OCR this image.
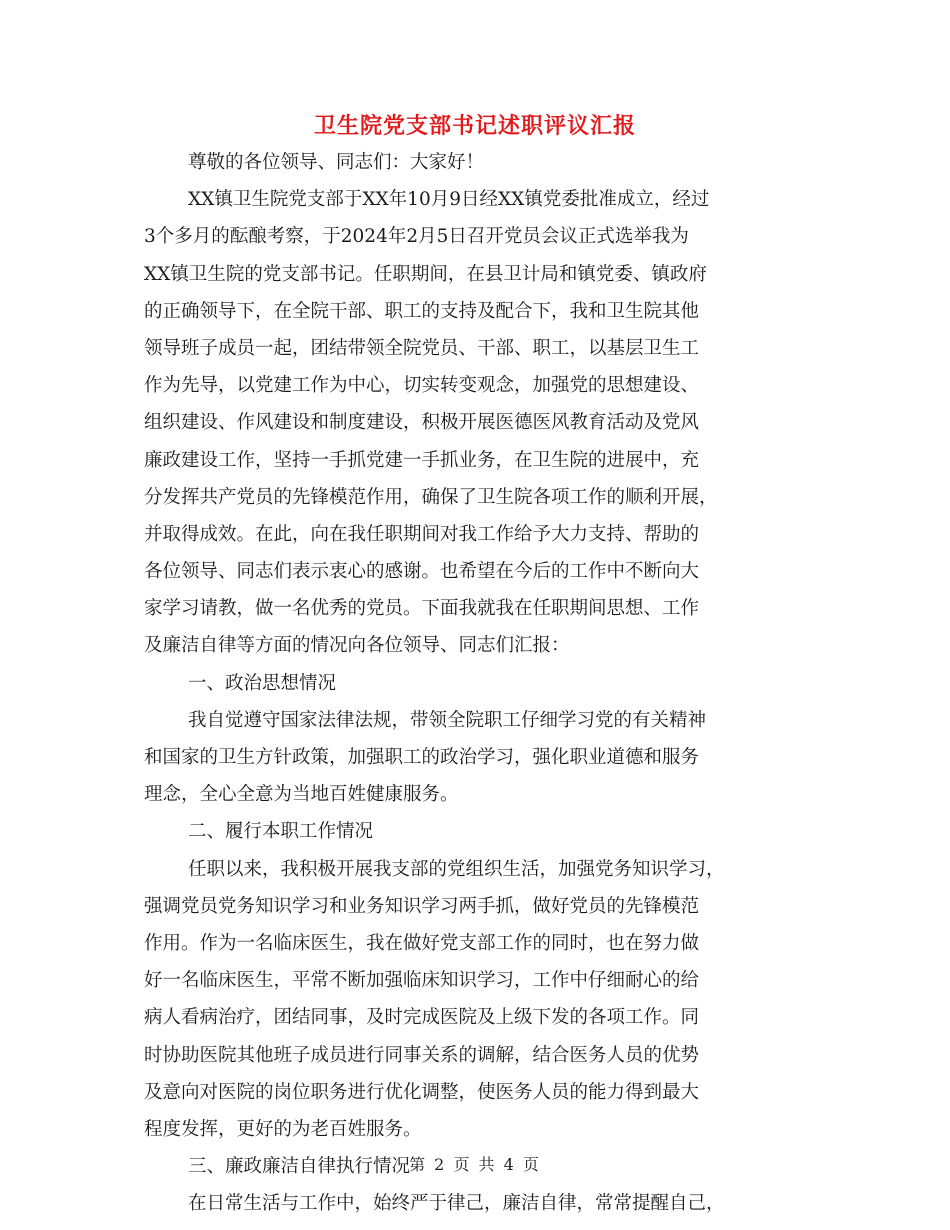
卫生院党支部书记述职评议汇报
尊敬的各位领导、同志们：大家好！
XX镇卫生院党支部于XX年10月9日经XX镇党委批准成立，经过
3个多月的酝酿考察，于2024年2月5日召开党员会议正式选举我为
XX镇卫生院的党支部书记。任职期间，在县卫计局和镇党委、镇政府
的正确领导下，在全院干部、职工的支持及配合下，我和卫生院其他
领导班子成员一起，团结带领全院党员、干部、职工，以基层卫生工
作为先导，以党建工作为中心，切实转变观念，加强党的思想建设、
组织建设、作风建设和制度建设，积极开展医德医风教育活动及党风
廉政建设工作，坚持一手抓党建一手抓业务，在卫生院的进展中，充
分发挥共产党员的先锋模范作用，确保了卫生院各项工作的顺利开展，
并取得成效。在此，向在我任职期间对我工作给予大力支持、帮助的
各位领导、同志们表示衷心的感谢。也希望在今后的工作中不断向大
家学习请教，做一名优秀的党员。下面我就我在任职期间思想、工作
及廉洁自律等方面的情况向各位领导、同志们汇报：
一、政治思想情况
我自觉遵守国家法律法规，带领全院职工仔细学习党的有关精神
和国家的卫生方针政策，加强职工的政治学习，强化职业道德和服务
理念，全心全意为当地百姓健康服务。
二、履行本职工作情况
任职以来，我积极开展我支部的党组织生活，加强党务知识学习，
强调党员党务知识学习和业务知识学习两手抓，做好党员的先锋模范
作用。作为一名临床医生，我在做好党支部工作的同时，也在努力做
好一名临床医生，平常不断加强临床知识学习，工作中仔细耐心的给
病人看病治疗，团结同事，及时完成医院及上级下发的各项工作。同
时协助医院其他班子成员进行同事关系的调解，结合医务人员的优势
及意向对医院的岗位职务进行优化调整，使医务人员的能力得到最大
程度发挥，更好的为老百姓服务。
三、廉政廉洁自律执行情况
在日常生活与工作中，始终严于律己，廉洁自律，常常提醒自己，
第 2 页 共 4 页
